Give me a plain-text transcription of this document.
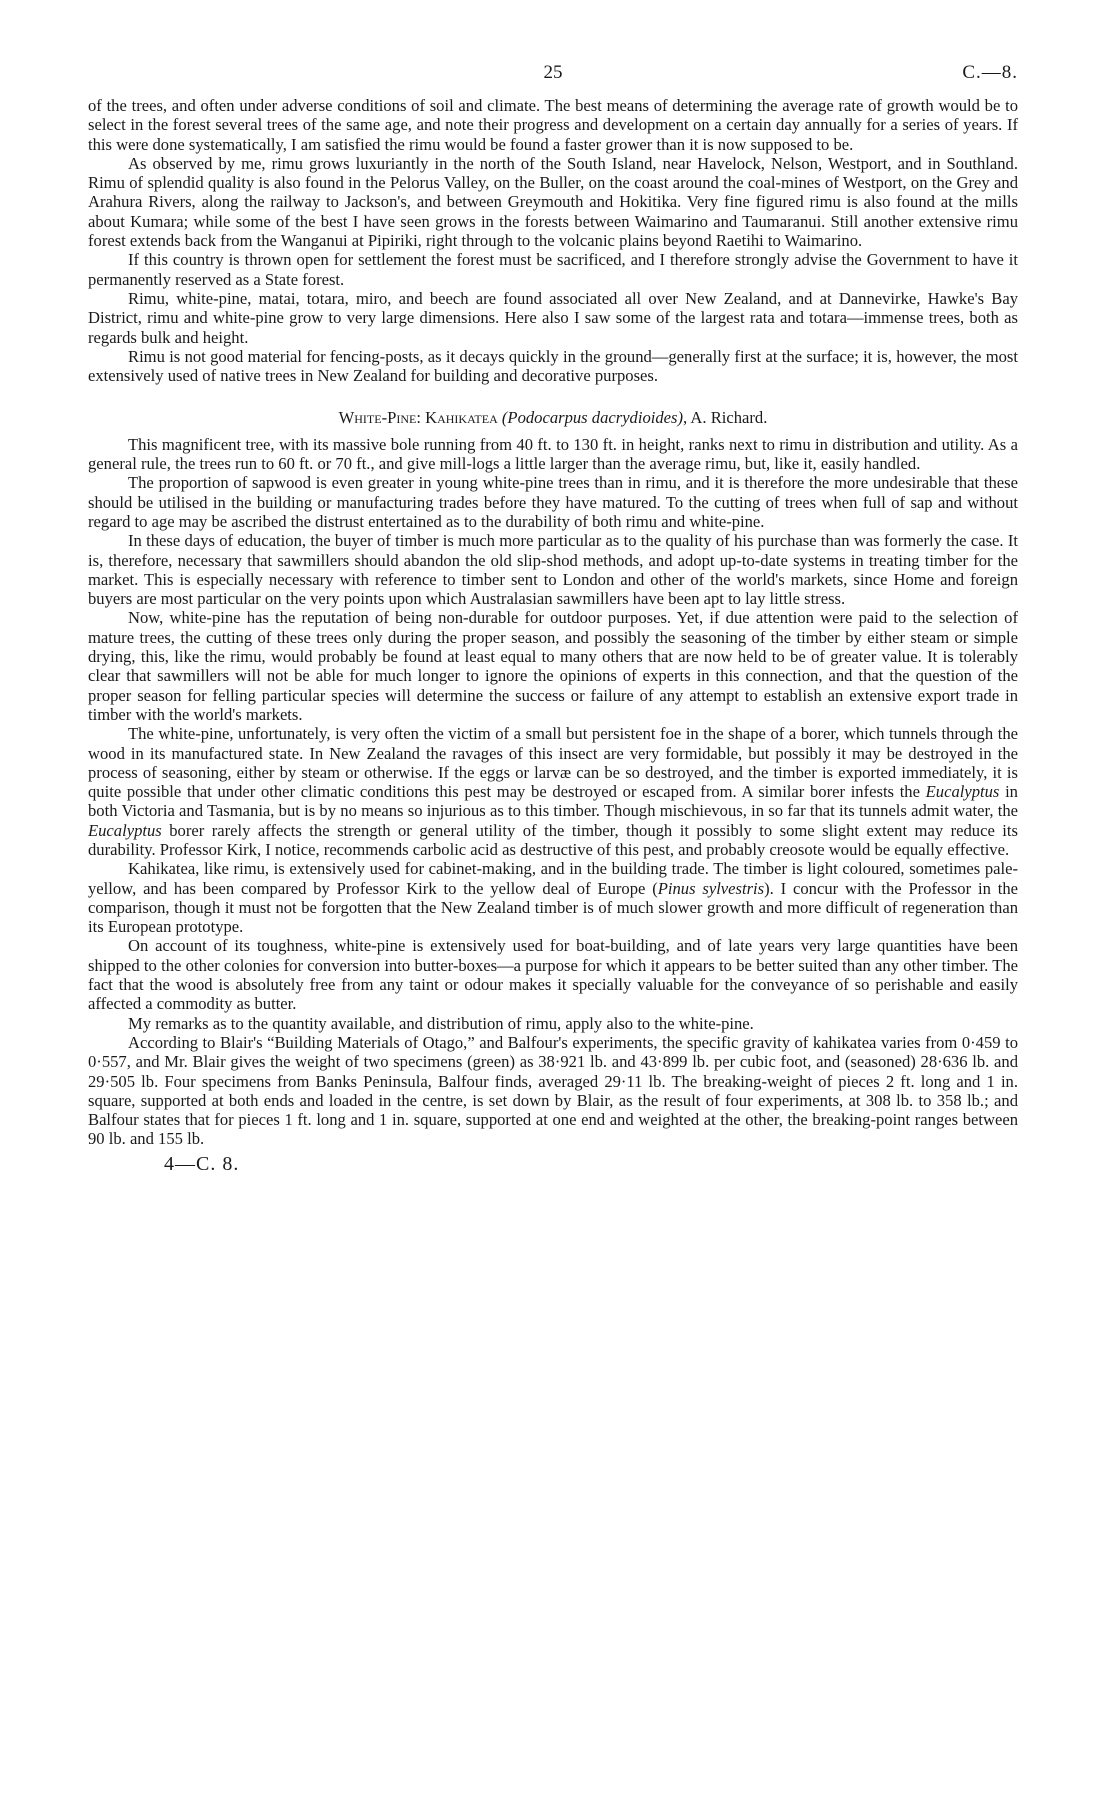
25	C.—8.

of the trees, and often under adverse conditions of soil and climate. The best means of determining the average rate of growth would be to select in the forest several trees of the same age, and note their progress and development on a certain day annually for a series of years. If this were done systematically, I am satisfied the rimu would be found a faster grower than it is now supposed to be.

As observed by me, rimu grows luxuriantly in the north of the South Island, near Havelock, Nelson, Westport, and in Southland. Rimu of splendid quality is also found in the Pelorus Valley, on the Buller, on the coast around the coal-mines of Westport, on the Grey and Arahura Rivers, along the railway to Jackson's, and between Greymouth and Hokitika. Very fine figured rimu is also found at the mills about Kumara; while some of the best I have seen grows in the forests between Waimarino and Taumaranui. Still another extensive rimu forest extends back from the Wanganui at Pipiriki, right through to the volcanic plains beyond Raetihi to Waimarino.

If this country is thrown open for settlement the forest must be sacrificed, and I therefore strongly advise the Government to have it permanently reserved as a State forest.

Rimu, white-pine, matai, totara, miro, and beech are found associated all over New Zealand, and at Dannevirke, Hawke's Bay District, rimu and white-pine grow to very large dimensions. Here also I saw some of the largest rata and totara—immense trees, both as regards bulk and height.

Rimu is not good material for fencing-posts, as it decays quickly in the ground—generally first at the surface; it is, however, the most extensively used of native trees in New Zealand for building and decorative purposes.

White-Pine: Kahikatea (Podocarpus dacrydioides), A. Richard.

This magnificent tree, with its massive bole running from 40 ft. to 130 ft. in height, ranks next to rimu in distribution and utility. As a general rule, the trees run to 60 ft. or 70 ft., and give mill-logs a little larger than the average rimu, but, like it, easily handled.

The proportion of sapwood is even greater in young white-pine trees than in rimu, and it is therefore the more undesirable that these should be utilised in the building or manufacturing trades before they have matured. To the cutting of trees when full of sap and without regard to age may be ascribed the distrust entertained as to the durability of both rimu and white-pine.

In these days of education, the buyer of timber is much more particular as to the quality of his purchase than was formerly the case. It is, therefore, necessary that sawmillers should abandon the old slip-shod methods, and adopt up-to-date systems in treating timber for the market. This is especially necessary with reference to timber sent to London and other of the world's markets, since Home and foreign buyers are most particular on the very points upon which Australasian sawmillers have been apt to lay little stress.

Now, white-pine has the reputation of being non-durable for outdoor purposes. Yet, if due attention were paid to the selection of mature trees, the cutting of these trees only during the proper season, and possibly the seasoning of the timber by either steam or simple drying, this, like the rimu, would probably be found at least equal to many others that are now held to be of greater value. It is tolerably clear that sawmillers will not be able for much longer to ignore the opinions of experts in this connection, and that the question of the proper season for felling particular species will determine the success or failure of any attempt to establish an extensive export trade in timber with the world's markets.

The white-pine, unfortunately, is very often the victim of a small but persistent foe in the shape of a borer, which tunnels through the wood in its manufactured state. In New Zealand the ravages of this insect are very formidable, but possibly it may be destroyed in the process of seasoning, either by steam or otherwise. If the eggs or larvæ can be so destroyed, and the timber is exported immediately, it is quite possible that under other climatic conditions this pest may be destroyed or escaped from. A similar borer infests the Eucalyptus in both Victoria and Tasmania, but is by no means so injurious as to this timber. Though mischievous, in so far that its tunnels admit water, the Eucalyptus borer rarely affects the strength or general utility of the timber, though it possibly to some slight extent may reduce its durability. Professor Kirk, I notice, recommends carbolic acid as destructive of this pest, and probably creosote would be equally effective.

Kahikatea, like rimu, is extensively used for cabinet-making, and in the building trade. The timber is light coloured, sometimes pale-yellow, and has been compared by Professor Kirk to the yellow deal of Europe (Pinus sylvestris). I concur with the Professor in the comparison, though it must not be forgotten that the New Zealand timber is of much slower growth and more difficult of regeneration than its European prototype.

On account of its toughness, white-pine is extensively used for boat-building, and of late years very large quantities have been shipped to the other colonies for conversion into butter-boxes—a purpose for which it appears to be better suited than any other timber. The fact that the wood is absolutely free from any taint or odour makes it specially valuable for the conveyance of so perishable and easily affected a commodity as butter.

My remarks as to the quantity available, and distribution of rimu, apply also to the white-pine.

According to Blair's “Building Materials of Otago,” and Balfour's experiments, the specific gravity of kahikatea varies from 0·459 to 0·557, and Mr. Blair gives the weight of two specimens (green) as 38·921 lb. and 43·899 lb. per cubic foot, and (seasoned) 28·636 lb. and 29·505 lb. Four specimens from Banks Peninsula, Balfour finds, averaged 29·11 lb. The breaking-weight of pieces 2 ft. long and 1 in. square, supported at both ends and loaded in the centre, is set down by Blair, as the result of four experiments, at 308 lb. to 358 lb.; and Balfour states that for pieces 1 ft. long and 1 in. square, supported at one end and weighted at the other, the breaking-point ranges between 90 lb. and 155 lb.

4—C. 8.
